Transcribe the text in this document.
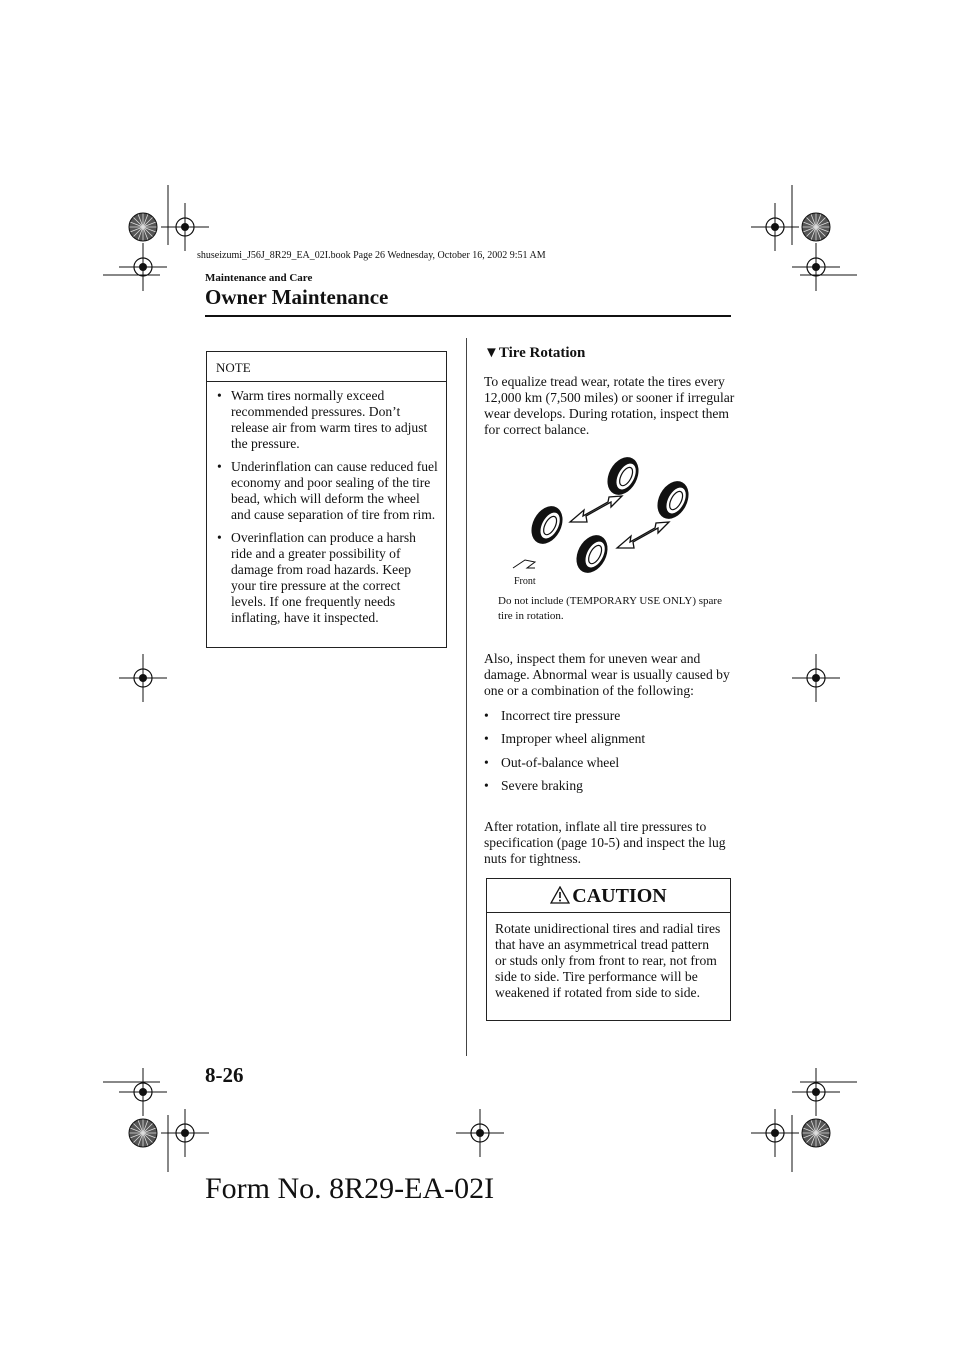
shuseizumi_J56J_8R29_EA_02I.book Page 26 Wednesday, October 16, 2002 9:51 AM
Maintenance and Care
Owner Maintenance
NOTE
• Warm tires normally exceed recommended pressures. Don’t release air from warm tires to adjust the pressure.
• Underinflation can cause reduced fuel economy and poor sealing of the tire bead, which will deform the wheel and cause separation of tire from rim.
• Overinflation can produce a harsh ride and a greater possibility of damage from road hazards. Keep your tire pressure at the correct levels. If one frequently needs inflating, have it inspected.
▼Tire Rotation

To equalize tread wear, rotate the tires every 12,000 km (7,500 miles) or sooner if irregular wear develops. During rotation, inspect them for correct balance.

Front

Do not include (TEMPORARY USE ONLY) spare tire in rotation.

Also, inspect them for uneven wear and damage. Abnormal wear is usually caused by one or a combination of the following:

• Incorrect tire pressure
• Improper wheel alignment
• Out-of-balance wheel
• Severe braking

After rotation, inflate all tire pressures to specification (page 10-5) and inspect the lug nuts for tightness.

CAUTION

Rotate unidirectional tires and radial tires that have an asymmetrical tread pattern or studs only from front to rear, not from side to side. Tire performance will be weakened if rotated from side to side.

8-26
Form No. 8R29-EA-02I
